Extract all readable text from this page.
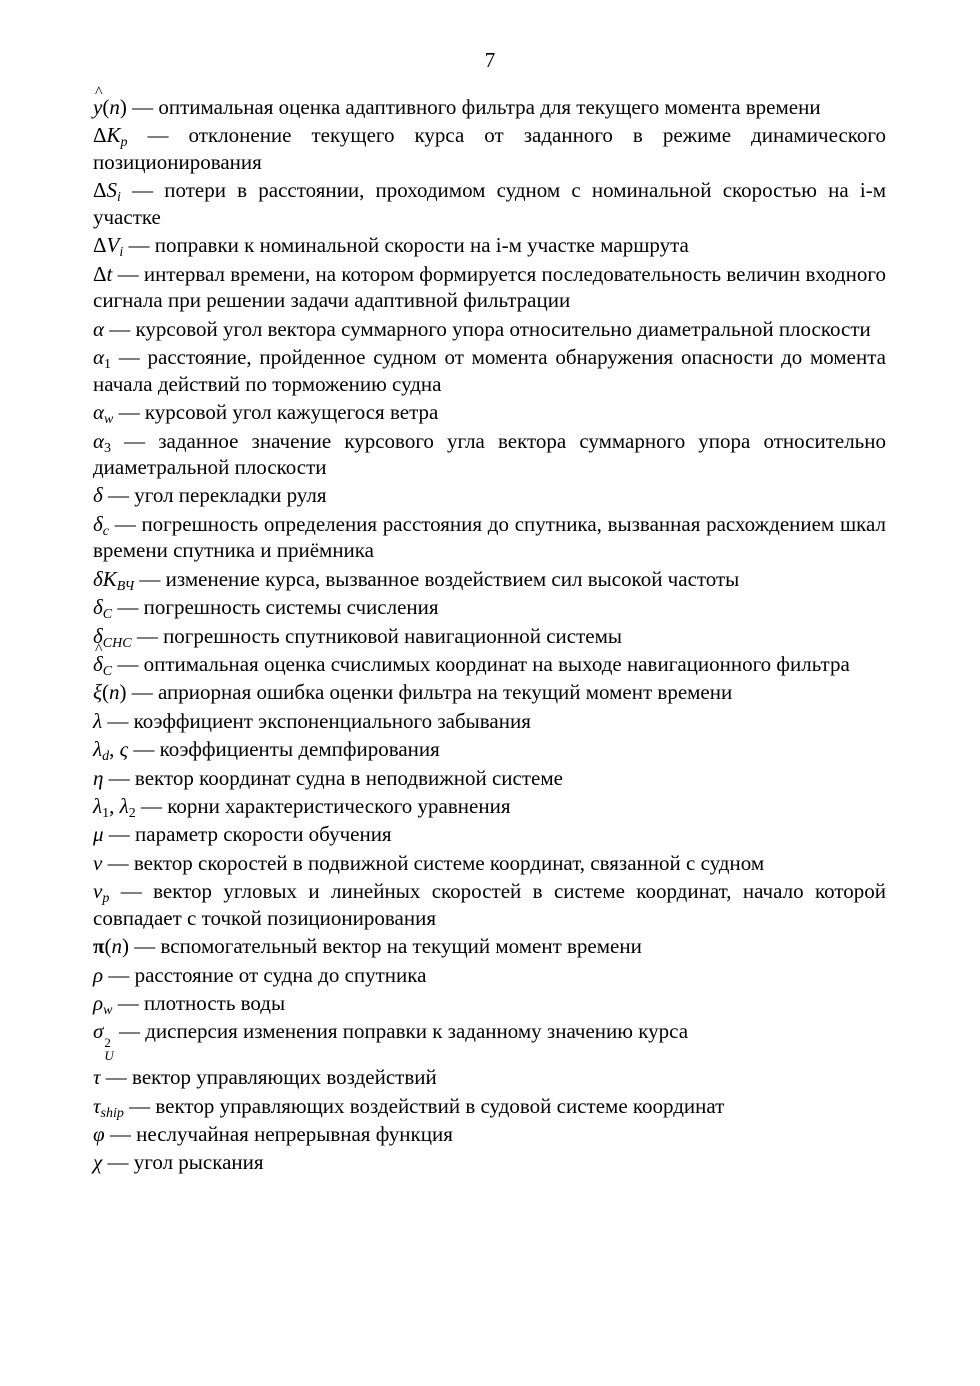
7
^ y(n) — оптимальная оценка адаптивного фильтра для текущего момента времени
$\Delta K_p$ — отклонение текущего курса от заданного в режиме динамического позиционирования
$\Delta S_i$ — потери в расстоянии, проходимом судном с номинальной скоростью на i-м участке
$\Delta V_i$ — поправки к номинальной скорости на i-м участке маршрута
Δt — интервал времени, на котором формируется последовательность величин входного сигнала при решении задачи адаптивной фильтрации
α — курсовой угол вектора суммарного упора относительно диаметральной плоскости
$\alpha_1$ — расстояние, пройденное судном от момента обнаружения опасности до момента начала действий по торможению судна
$\alpha_w$ — курсовой угол кажущегося ветра
$\alpha_3$ — заданное значение курсового угла вектора суммарного упора относительно диаметральной плоскости
δ — угол перекладки руля
$\delta_c$ — погрешность определения расстояния до спутника, вызванная расхождением шкал времени спутника и приёмника
$\delta K_{ВЧ}$ — изменение курса, вызванное воздействием сил высокой частоты
$\delta_C$ — погрешность системы счисления
$\delta_{СНС}$ — погрешность спутниковой навигационной системы
^ $\delta_C$ — оптимальная оценка счислимых координат на выходе навигационного фильтра
ξ(n) — априорная ошибка оценки фильтра на текущий момент времени
λ — коэффициент экспоненциального забывания
$\lambda_d$, ς — коэффициенты демпфирования
η — вектор координат судна в неподвижной системе
$\lambda_1$, $\lambda_2$ — корни характеристического уравнения
μ — параметр скорости обучения
ν — вектор скоростей в подвижной системе координат, связанной с судном
$\nu_p$ — вектор угловых и линейных скоростей в системе координат, начало которой совпадает с точкой позиционирования
π(n) — вспомогательный вектор на текущий момент времени
ρ — расстояние от судна до спутника
$\rho_w$ — плотность воды
σ 2
U
— дисперсия изменения поправки к заданному значению курса
τ — вектор управляющих воздействий
$\tau_{ship}$ — вектор управляющих воздействий в судовой системе координат
φ — неслучайная непрерывная функция
χ — угол рыскания
